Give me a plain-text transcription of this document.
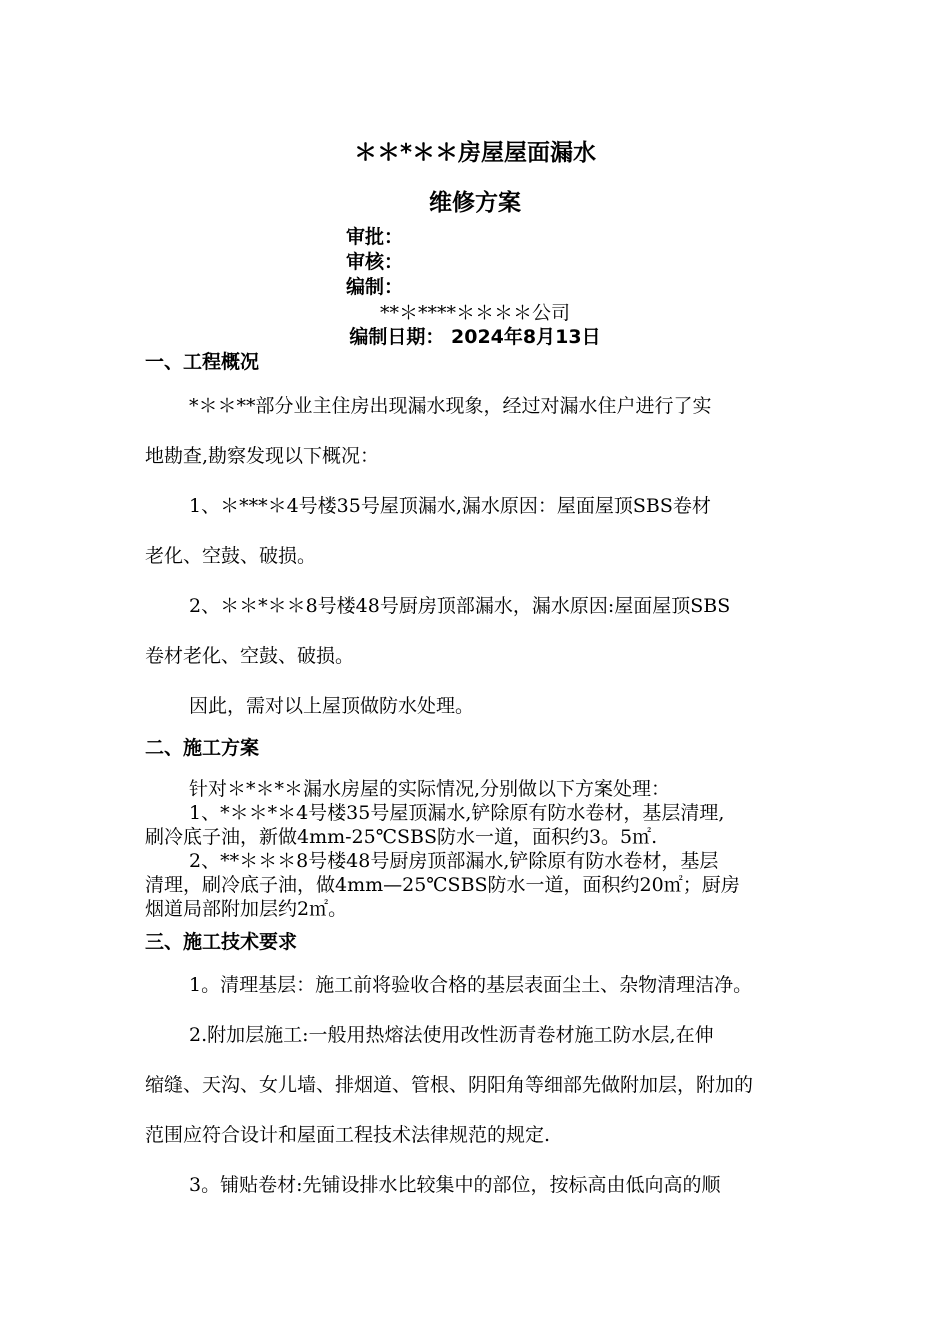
＊＊*＊＊房屋屋面漏水
维修方案
审批：
审核：
编制：
**＊****＊＊＊＊公司
编制日期： 2024年8月13日
一、工程概况
*＊＊**部分业主住房出现漏水现象，经过对漏水住户进行了实
地勘查,勘察发现以下概况：
1、＊***＊4号楼35号屋顶漏水,漏水原因：屋面屋顶SBS卷材
老化、空鼓、破损。
2、＊＊*＊＊8号楼48号厨房顶部漏水，漏水原因:屋面屋顶SBS
卷材老化、空鼓、破损。
因此，需对以上屋顶做防水处理。
二、施工方案
针对＊*＊*＊漏水房屋的实际情况,分别做以下方案处理：
1、*＊＊*＊4号楼35号屋顶漏水,铲除原有防水卷材，基层清理,
刷冷底子油，新做4mm-25℃SBS防水一道，面积约3。5㎡.
2、**＊＊＊8号楼48号厨房顶部漏水,铲除原有防水卷材，基层
清理，刷冷底子油，做4mm—25℃SBS防水一道，面积约20㎡；厨房
烟道局部附加层约2㎡。
三、施工技术要求
1。清理基层：施工前将验收合格的基层表面尘土、杂物清理洁净。
2.附加层施工:一般用热熔法使用改性沥青卷材施工防水层,在伸
缩缝、天沟、女儿墙、排烟道、管根、阴阳角等细部先做附加层，附加的
范围应符合设计和屋面工程技术法律规范的规定.
3。铺贴卷材:先铺设排水比较集中的部位，按标高由低向高的顺
